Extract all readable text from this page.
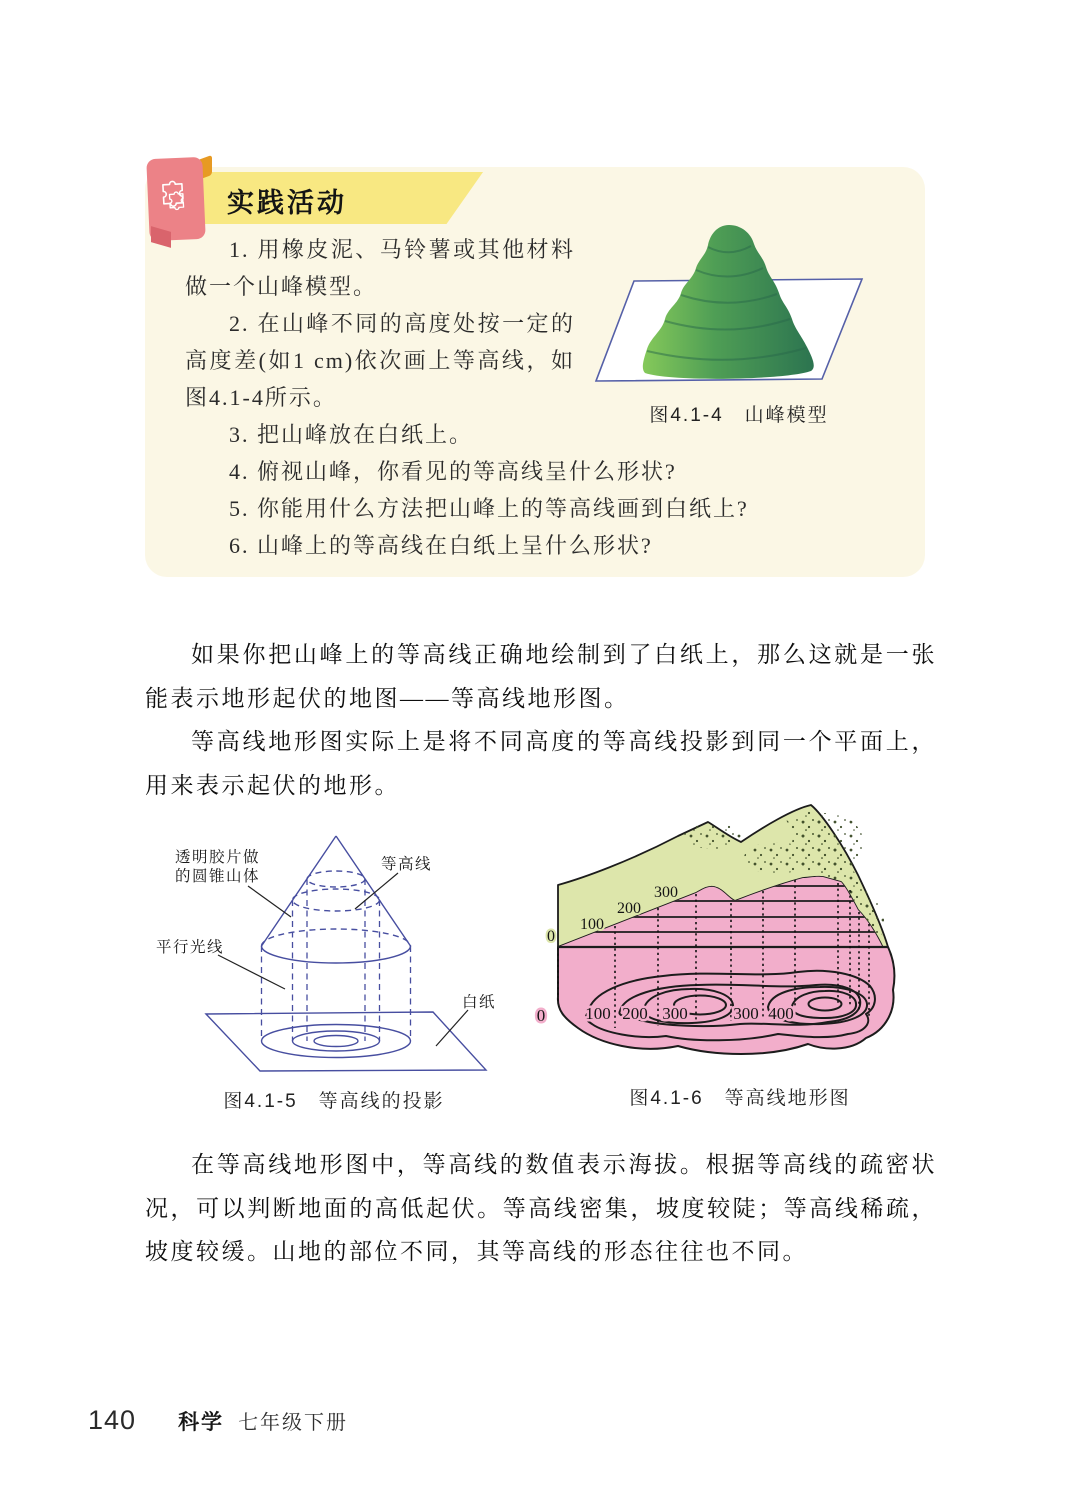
实践活动
图4.1-4　山峰模型

1. 用橡皮泥、马铃薯或其他材料做一个山峰模型。

2. 在山峰不同的高度处按一定的高度差(如1 cm)依次画上等高线，如图4.1-4所示。

3. 把山峰放在白纸上。

4. 俯视山峰，你看见的等高线呈什么形状?

5. 你能用什么方法把山峰上的等高线画到白纸上?

6. 山峰上的等高线在白纸上呈什么形状?

如果你把山峰上的等高线正确地绘制到了白纸上，那么这就是一张能表示地形起伏的地图——等高线地形图。

等高线地形图实际上是将不同高度的等高线投影到同一个平面上，用来表示起伏的地形。

透明胶片做
的圆锥山体
等高线
平行光线
白纸
图4.1-5　等高线的投影
0
100
200
300
0 100 200 300	300 400
图4.1-6　等高线地形图

在等高线地形图中，等高线的数值表示海拔。根据等高线的疏密状况，可以判断地面的高低起伏。等高线密集，坡度较陡；等高线稀疏，坡度较缓。山地的部位不同，其等高线的形态往往也不同。

140 科学 七年级下册
